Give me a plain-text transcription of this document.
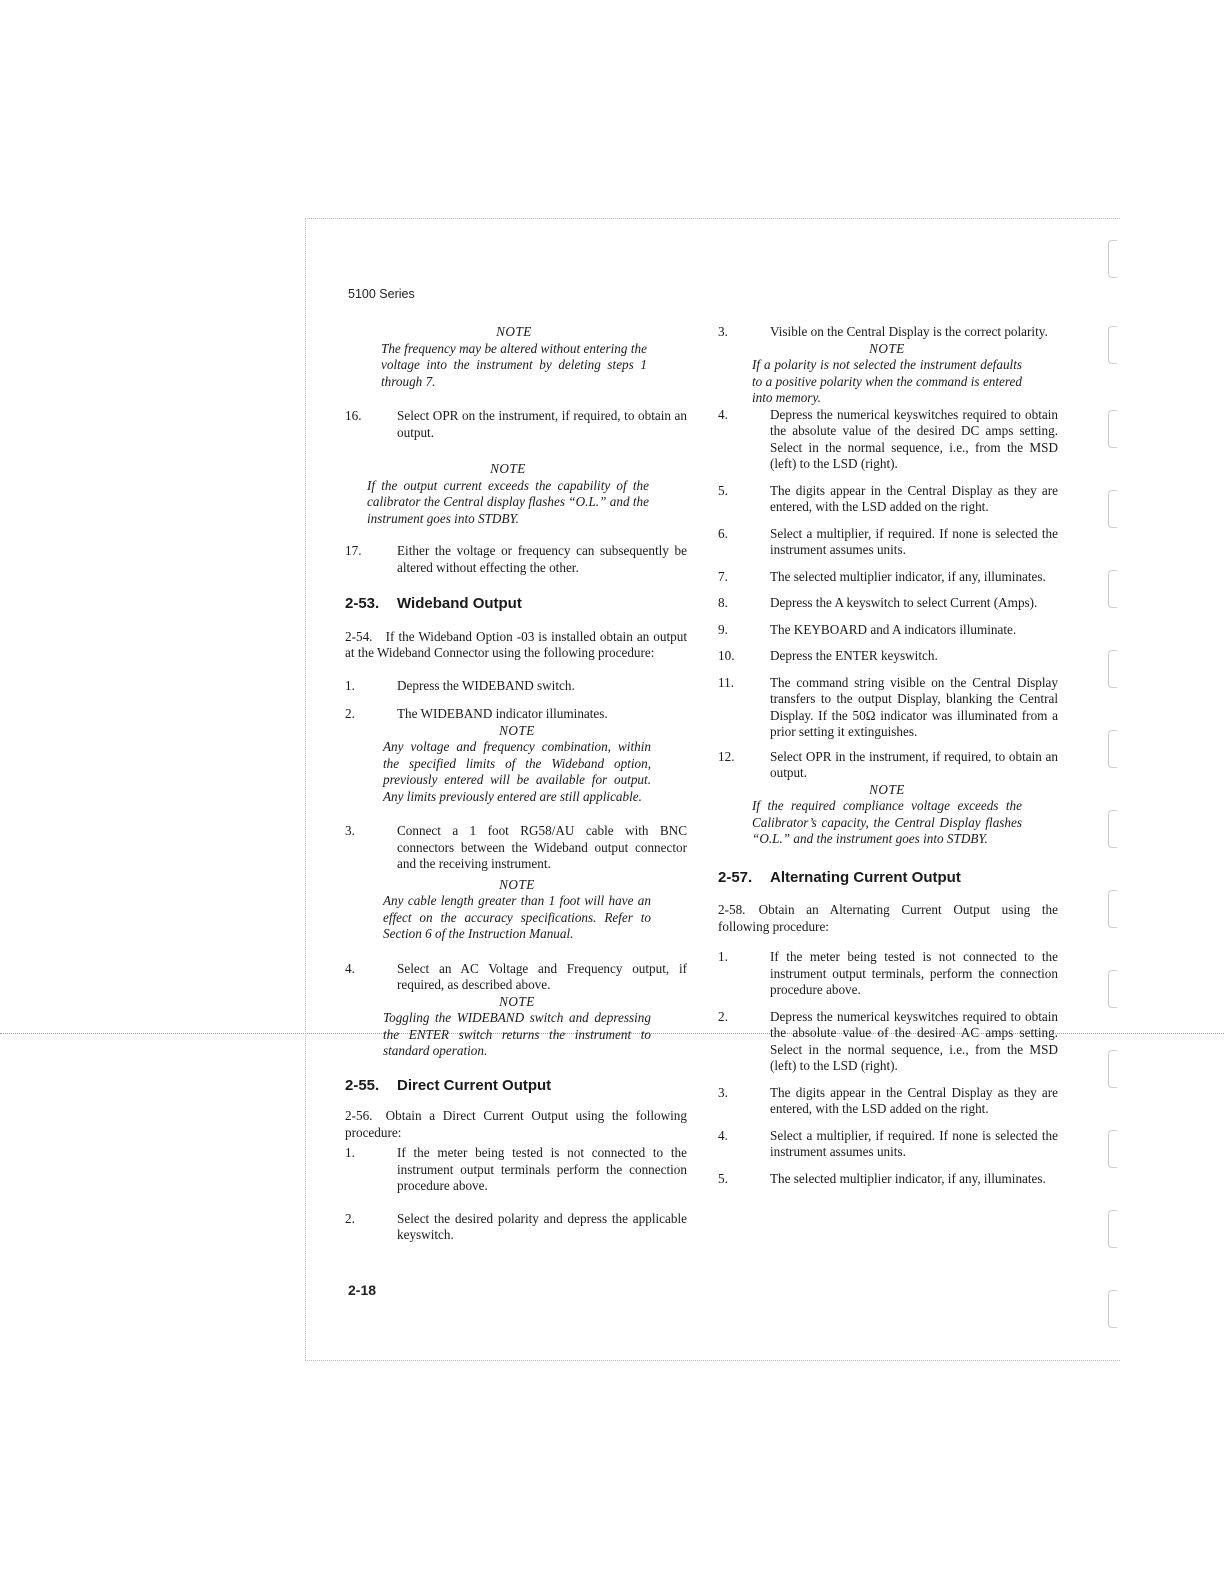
5100 Series
NOTE
The frequency may be altered without entering the voltage into the instrument by deleting steps 1 through 7.
16.	Select OPR on the instrument, if required, to obtain an output.
NOTE
If the output current exceeds the capability of the calibrator the Central display flashes “O.L.” and the instrument goes into STDBY.
17.	Either the voltage or frequency can subsequently be altered without effecting the other.
2-53.	Wideband Output
2-54. If the Wideband Option -03 is installed obtain an output at the Wideband Connector using the following procedure:
1.	Depress the WIDEBAND switch.
2.	The WIDEBAND indicator illuminates.
NOTE
Any voltage and frequency combination, within the specified limits of the Wideband option, previously entered will be available for output. Any limits previously entered are still applicable.
3.	Connect a 1 foot RG58/AU cable with BNC connectors between the Wideband output connector and the receiving instrument.
NOTE
Any cable length greater than 1 foot will have an effect on the accuracy specifications. Refer to Section 6 of the Instruction Manual.
4.	Select an AC Voltage and Frequency output, if required, as described above.
NOTE
Toggling the WIDEBAND switch and depressing the ENTER switch returns the instrument to standard operation.
2-55.	Direct Current Output
2-56. Obtain a Direct Current Output using the following procedure:
1.	If the meter being tested is not connected to the instrument output terminals perform the connection procedure above.
2.	Select the desired polarity and depress the applicable keyswitch.
3.	Visible on the Central Display is the correct polarity.
NOTE
If a polarity is not selected the instrument defaults to a positive polarity when the command is entered into memory.
4.	Depress the numerical keyswitches required to obtain the absolute value of the desired DC amps setting. Select in the normal sequence, i.e., from the MSD (left) to the LSD (right).
5.	The digits appear in the Central Display as they are entered, with the LSD added on the right.
6.	Select a multiplier, if required. If none is selected the instrument assumes units.
7.	The selected multiplier indicator, if any, illuminates.
8.	Depress the A keyswitch to select Current (Amps).
9.	The KEYBOARD and A indicators illuminate.
10.	Depress the ENTER keyswitch.
11.	The command string visible on the Central Display transfers to the output Display, blanking the Central Display. If the 50Ω indicator was illuminated from a prior setting it extinguishes.
12.	Select OPR in the instrument, if required, to obtain an output.
NOTE
If the required compliance voltage exceeds the Calibrator’s capacity, the Central Display flashes “O.L.” and the instrument goes into STDBY.
2-57.	Alternating Current Output
2-58. Obtain an Alternating Current Output using the following procedure:
1.	If the meter being tested is not connected to the instrument output terminals, perform the connection procedure above.
2.	Depress the numerical keyswitches required to obtain the absolute value of the desired AC amps setting. Select in the normal sequence, i.e., from the MSD (left) to the LSD (right).
3.	The digits appear in the Central Display as they are entered, with the LSD added on the right.
4.	Select a multiplier, if required. If none is selected the instrument assumes units.
5.	The selected multiplier indicator, if any, illuminates.
2-18
